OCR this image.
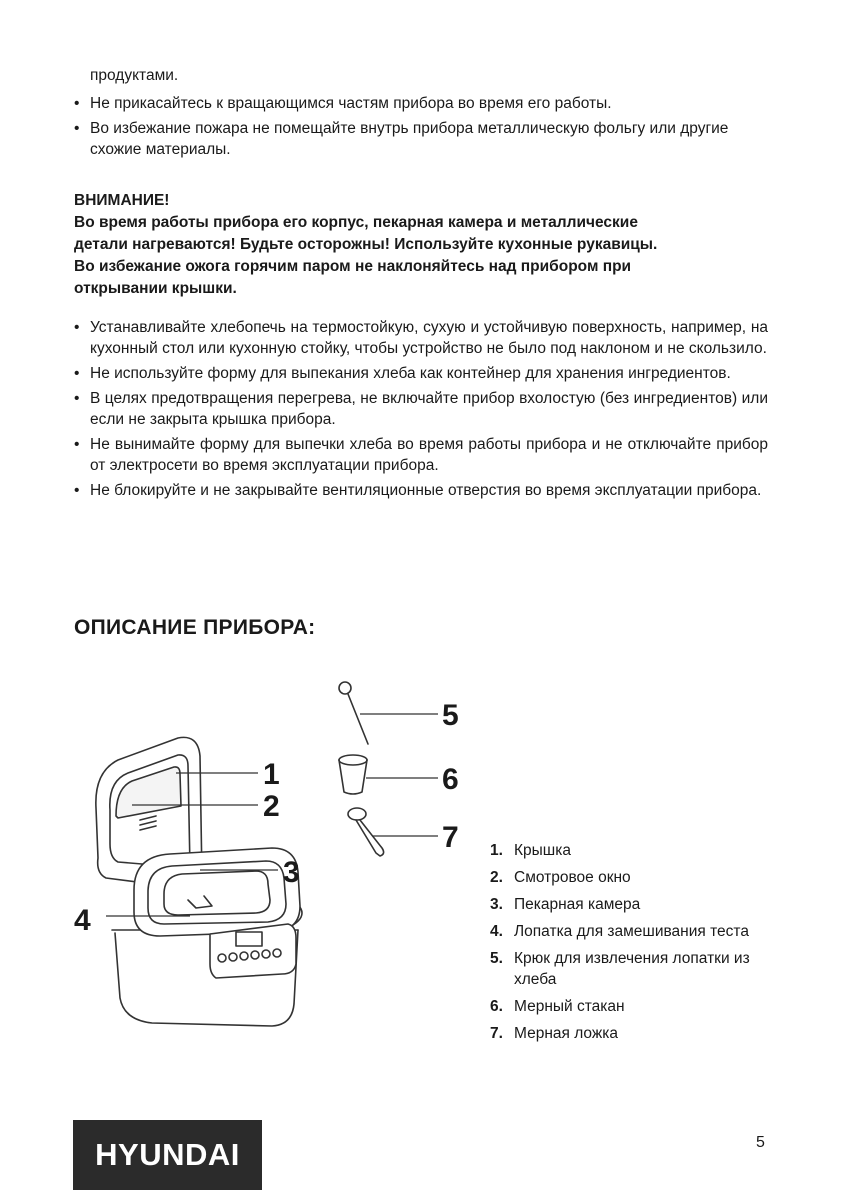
продуктами.
• Не прикасайтесь к вращающимся частям прибора во время его работы.
• Во избежание пожара не помещайте внутрь прибора металлическую фольгу или другие схожие материалы.
ВНИМАНИЕ!
Во время работы прибора его корпус, пекарная камера и металлические
детали нагреваются! Будьте осторожны! Используйте кухонные рукавицы.
Во избежание ожога горячим паром не наклоняйтесь над прибором при
открывании крышки.
• Устанавливайте хлебопечь на термостойкую, сухую и устойчивую поверхность, например, на кухонный стол или кухонную стойку, чтобы устройство не было под наклоном и не скользило.
• Не используйте форму для выпекания хлеба как контейнер для хранения ингредиентов.
• В целях предотвращения перегрева, не включайте прибор вхолостую (без ингредиентов) или если не закрыта крышка прибора.
• Не вынимайте форму для выпечки хлеба во время работы прибора и не отключайте прибор от электросети во время эксплуатации прибора.
• Не блокируйте и не закрывайте вентиляционные отверстия во время эксплуатации прибора.
ОПИСАНИЕ ПРИБОРА:
1
2
3
4
5
6
7 1. Крышка
2. Смотровое окно
3. Пекарная камера
4. Лопатка для замешивания теста
5. Крюк для извлечения лопатки из хлеба
6. Мерный стакан
7. Мерная ложка
HYUNDAI	5
